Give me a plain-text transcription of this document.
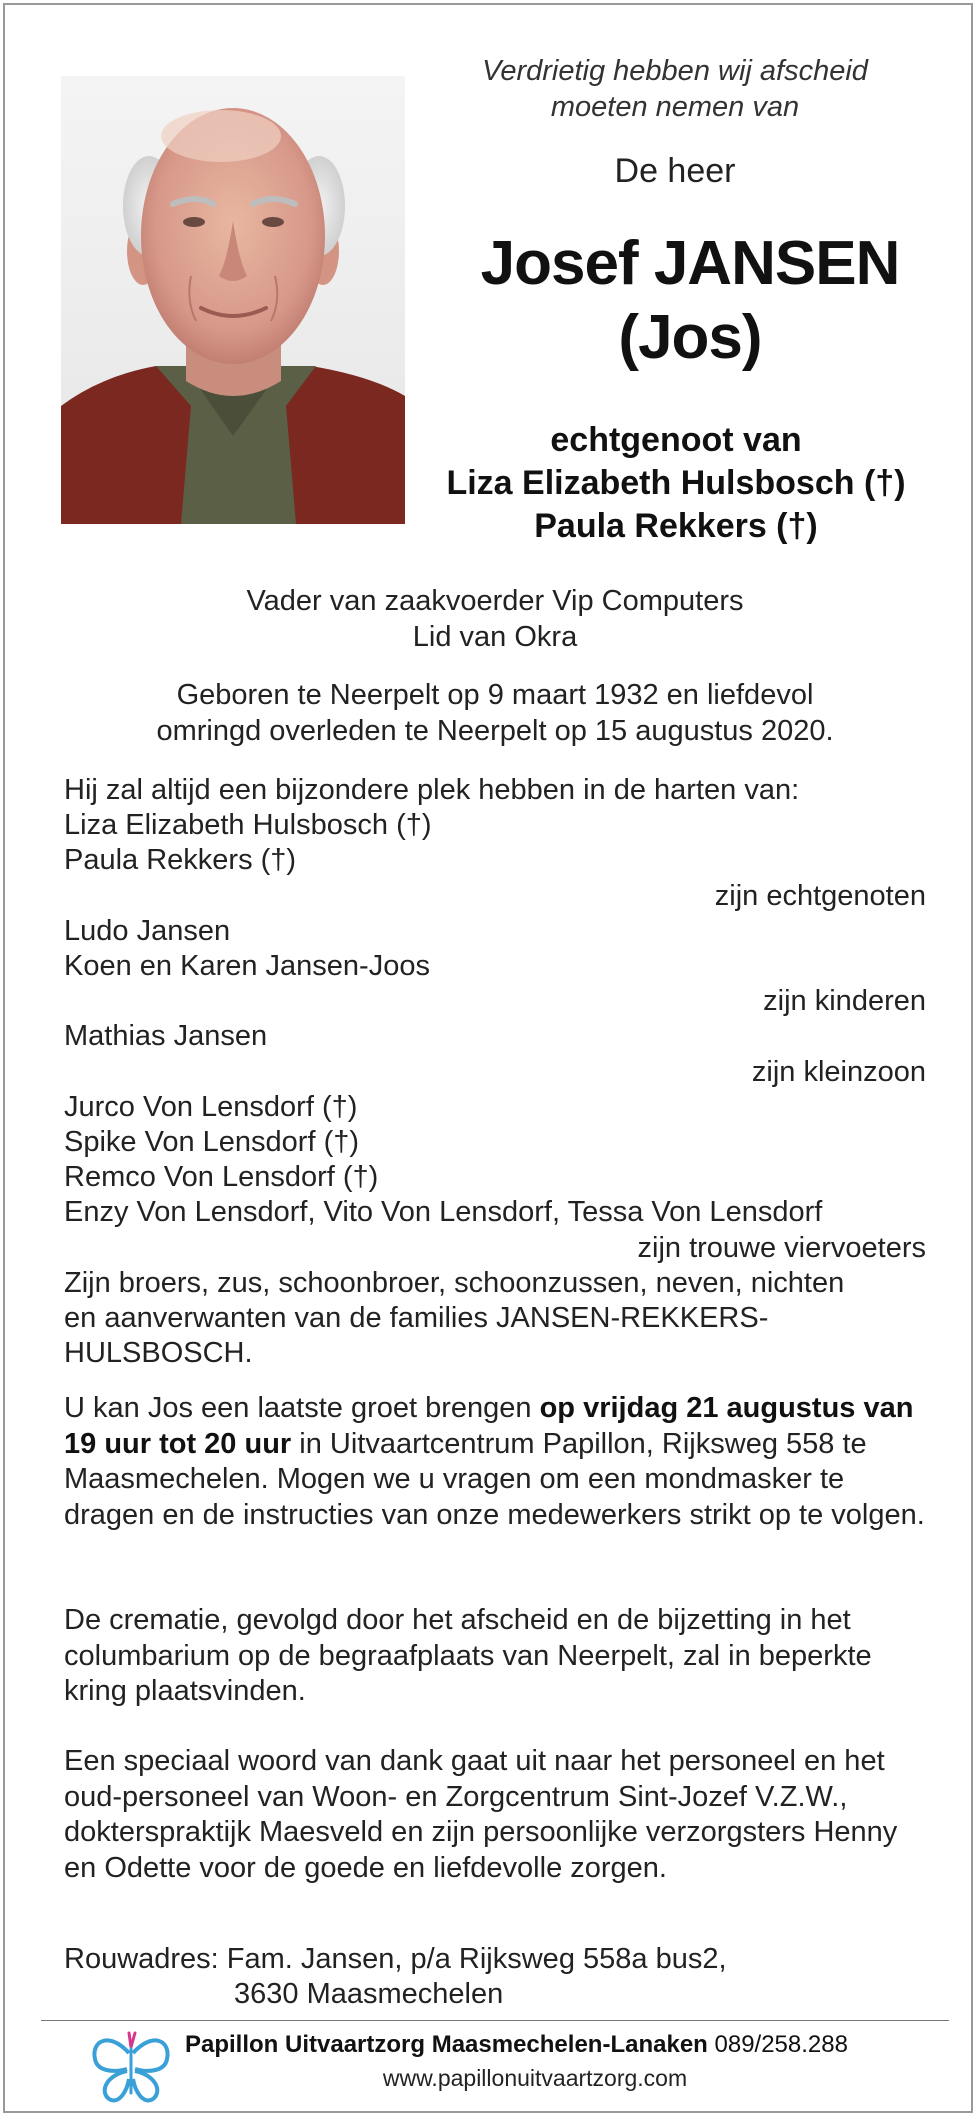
Verdrietig hebben wij afscheid
moeten nemen van
De heer
Josef JANSEN
(Jos)
echtgenoot van
Liza Elizabeth Hulsbosch (†)
Paula Rekkers (†)
Vader van zaakvoerder Vip Computers
Lid van Okra
Geboren te Neerpelt op 9 maart 1932 en liefdevol
omringd overleden te Neerpelt op 15 augustus 2020.
Hij zal altijd een bijzondere plek hebben in de harten van:
Liza Elizabeth Hulsbosch (†)
Paula Rekkers (†)
zijn echtgenoten
Ludo Jansen
Koen en Karen Jansen-Joos
zijn kinderen
Mathias Jansen
zijn kleinzoon
Jurco Von Lensdorf (†)
Spike Von Lensdorf (†)
Remco Von Lensdorf (†)
Enzy Von Lensdorf, Vito Von Lensdorf, Tessa Von Lensdorf
zijn trouwe viervoeters
Zijn broers, zus, schoonbroer, schoonzussen, neven, nichten
en aanverwanten van de families JANSEN-REKKERS-
HULSBOSCH.
U kan Jos een laatste groet brengen op vrijdag 21 augustus van 19 uur tot 20 uur in Uitvaartcentrum Papillon, Rijksweg 558 te Maasmechelen. Mogen we u vragen om een mondmasker te dragen en de instructies van onze medewerkers strikt op te volgen.
De crematie, gevolgd door het afscheid en de bijzetting in het columbarium op de begraafplaats van Neerpelt, zal in beperkte kring plaatsvinden.
Een speciaal woord van dank gaat uit naar het personeel en het oud-personeel van Woon- en Zorgcentrum Sint-Jozef V.Z.W., dokterspraktijk Maesveld en zijn persoonlijke verzorgsters Henny en Odette voor de goede en liefdevolle zorgen.
Rouwadres: Fam. Jansen, p/a Rijksweg 558a bus2,
3630 Maasmechelen
Papillon Uitvaartzorg Maasmechelen-Lanaken 089/258.288
www.papillonuitvaartzorg.com
